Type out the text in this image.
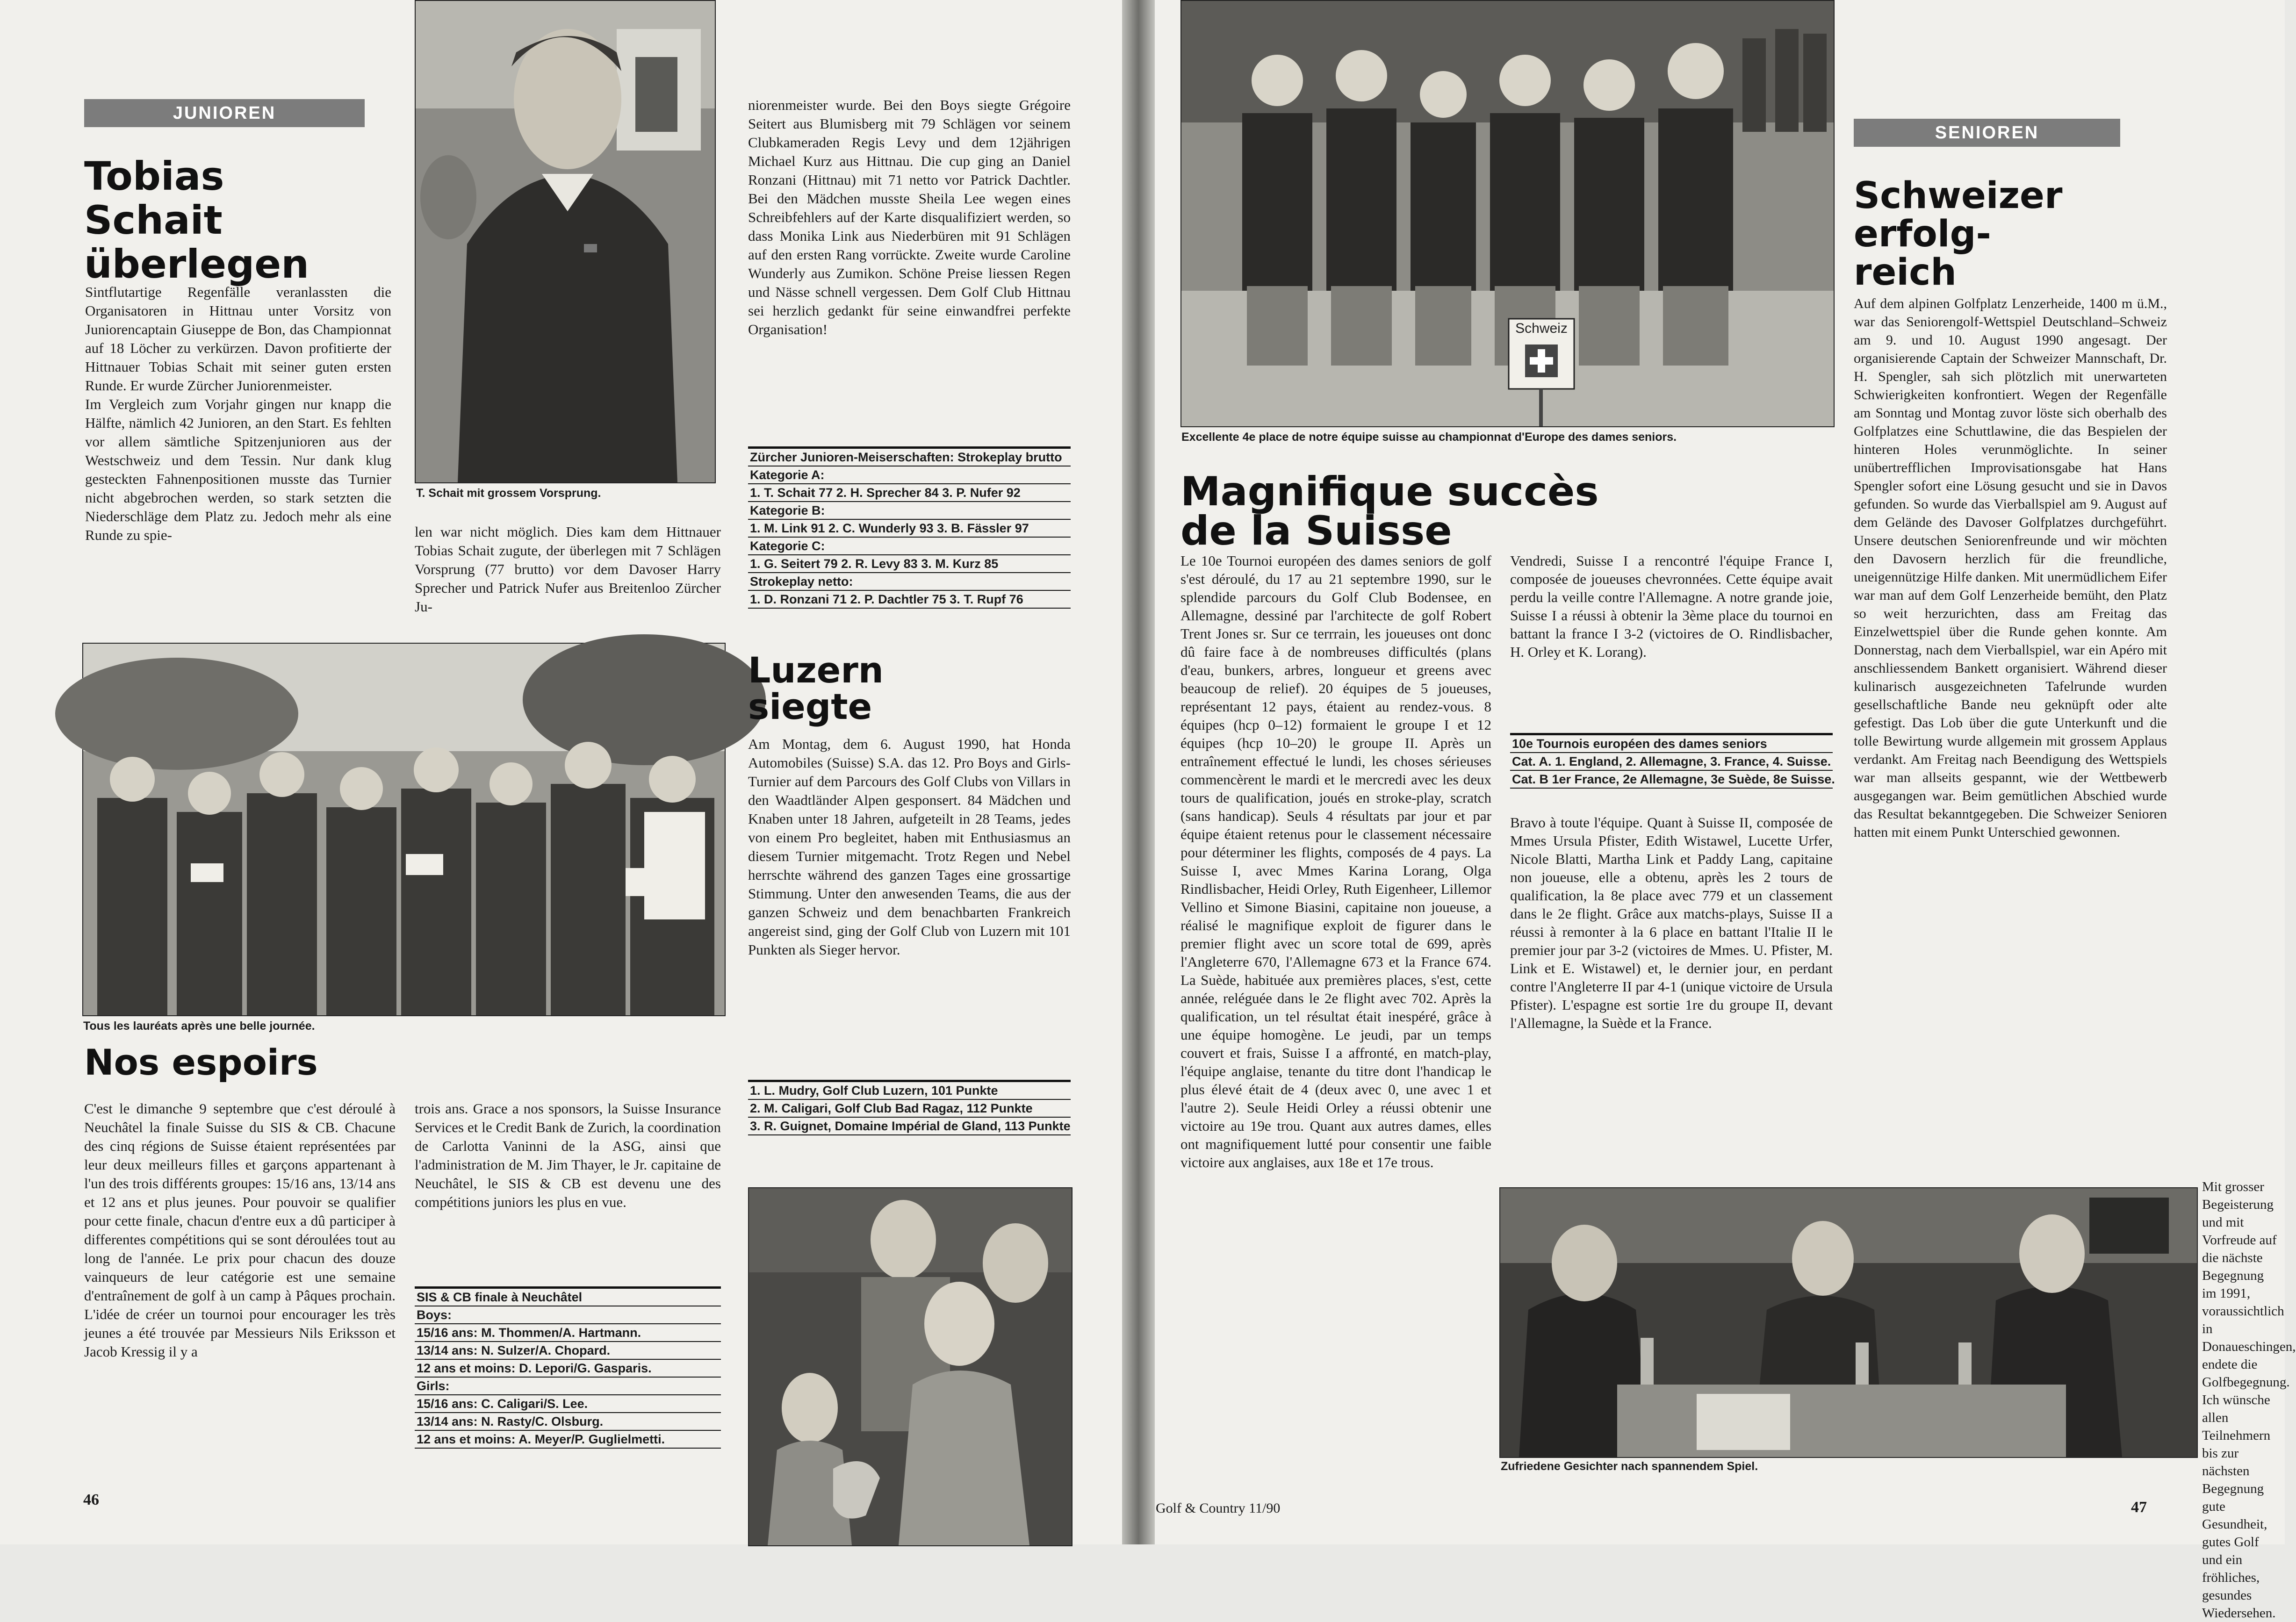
JUNIOREN
Tobias
Schait
überlegen

Sintflutartige Regenfälle veranlassten die Organisatoren in Hittnau unter Vorsitz von Juniorencaptain Giuseppe de Bon, das Championnat auf 18 Löcher zu verkürzen. Davon profitierte der Hittnauer Tobias Schait mit seiner guten ersten Runde. Er wurde Zürcher Juniorenmeister.

Im Vergleich zum Vorjahr gingen nur knapp die Hälfte, nämlich 42 Junioren, an den Start. Es fehlten vor allem sämtliche Spitzenjunioren aus der Westschweiz und dem Tessin. Nur dank klug gesteckten Fahnenpositionen musste das Turnier nicht abgebrochen werden, so stark setzten die Niederschläge dem Platz zu. Jedoch mehr als eine Runde zu spie-

T. Schait mit grossem Vorsprung.

len war nicht möglich. Dies kam dem Hittnauer Tobias Schait zugute, der überlegen mit 7 Schlägen Vorsprung (77 brutto) vor dem Davoser Harry Sprecher und Patrick Nufer aus Breitenloo Zürcher Ju-

niorenmeister wurde. Bei den Boys siegte Grégoire Seitert aus Blumisberg mit 79 Schlägen vor seinem Clubkameraden Regis Levy und dem 12jährigen Michael Kurz aus Hittnau. Die cup ging an Daniel Ronzani (Hittnau) mit 71 netto vor Patrick Dachtler. Bei den Mädchen musste Sheila Lee wegen eines Schreibfehlers auf der Karte disqualifiziert werden, so dass Monika Link aus Niederbüren mit 91 Schlägen auf den ersten Rang vorrückte. Zweite wurde Caroline Wunderly aus Zumikon. Schöne Preise liessen Regen und Nässe schnell vergessen. Dem Golf Club Hittnau sei herzlich gedankt für seine einwandfrei perfekte Organisation!

Zürcher Junioren-Meiserschaften: Strokeplay brutto
Kategorie A:
1. T. Schait 77 2. H. Sprecher 84 3. P. Nufer 92
Kategorie B:
1. M. Link 91 2. C. Wunderly 93 3. B. Fässler 97
Kategorie C:
1. G. Seitert 79 2. R. Levy 83 3. M. Kurz 85
Strokeplay netto:
1. D. Ronzani 71 2. P. Dachtler 75 3. T. Rupf 76
Tous les lauréats après une belle journée.
Nos espoirs

C'est le dimanche 9 septembre que c'est déroulé à Neuchâtel la finale Suisse du SIS & CB. Chacune des cinq régions de Suisse étaient représentées par leur deux meilleurs filles et garçons appartenant à l'un des trois différents groupes: 15/16 ans, 13/14 ans et 12 ans et plus jeunes. Pour pouvoir se qualifier pour cette finale, chacun d'entre eux a dû participer à differentes compétitions qui se sont déroulées tout au long de l'année. Le prix pour chacun des douze vainqueurs de leur catégorie est une semaine d'entraînement de golf à un camp à Pâques prochain. L'idée de créer un tournoi pour encourager les très jeunes a été trouvée par Messieurs Nils Eriksson et Jacob Kressig il y a

trois ans. Grace a nos sponsors, la Suisse Insurance Services et le Credit Bank de Zurich, la coordination de Carlotta Vaninni de la ASG, ainsi que l'administration de M. Jim Thayer, le Jr. capitaine de Neuchâtel, le SIS & CB est devenu une des compétitions juniors les plus en vue.

SIS & CB finale à Neuchâtel
Boys:
15/16 ans: M. Thommen/A. Hartmann.
13/14 ans: N. Sulzer/A. Chopard.
12 ans et moins: D. Lepori/G. Gasparis.
Girls:
15/16 ans: C. Caligari/S. Lee.
13/14 ans: N. Rasty/C. Olsburg.
12 ans et moins: A. Meyer/P. Guglielmetti.
Luzern
siegte

Am Montag, dem 6. August 1990, hat Honda Automobiles (Suisse) S.A. das 12. Pro Boys and Girls-Turnier auf dem Parcours des Golf Clubs von Villars in den Waadtländer Alpen gesponsert. 84 Mädchen und Knaben unter 18 Jahren, aufgeteilt in 28 Teams, jedes von einem Pro begleitet, haben mit Enthusiasmus an diesem Turnier mitgemacht. Trotz Regen und Nebel herrschte während des ganzen Tages eine grossartige Stimmung. Unter den anwesenden Teams, die aus der ganzen Schweiz und dem benachbarten Frankreich angereist sind, ging der Golf Club von Luzern mit 101 Punkten als Sieger hervor.

1. L. Mudry, Golf Club Luzern, 101 Punkte
2. M. Caligari, Golf Club Bad Ragaz, 112 Punkte
3. R. Guignet, Domaine Impérial de Gland, 113 Punkte
46
Schweiz
Excellente 4e place de notre équipe suisse au championnat d'Europe des dames seniors.
Magnifique succès
de la Suisse

Le 10e Tournoi européen des dames seniors de golf s'est déroulé, du 17 au 21 septembre 1990, sur le splendide parcours du Golf Club Bodensee, en Allemagne, dessiné par l'architecte de golf Robert Trent Jones sr. Sur ce terrrain, les joueuses ont donc dû faire face à de nombreuses difficultés (plans d'eau, bunkers, arbres, longueur et greens avec beaucoup de relief). 20 équipes de 5 joueuses, représentant 12 pays, étaient au rendez-vous. 8 équipes (hcp 0–12) formaient le groupe I et 12 équipes (hcp 10–20) le groupe II. Après un entraînement effectué le lundi, les choses sérieuses commencèrent le mardi et le mercredi avec les deux tours de qualification, joués en stroke-play, scratch (sans handicap). Seuls 4 résultats par jour et par équipe étaient retenus pour le classement nécessaire pour déterminer les flights, composés de 4 pays. La Suisse I, avec Mmes Karina Lorang, Olga Rindlisbacher, Heidi Orley, Ruth Eigenheer, Lillemor Vellino et Simone Biasini, capitaine non joueuse, a réalisé le magnifique exploit de figurer dans le premier flight avec un score total de 699, après l'Angleterre 670, l'Allemagne 673 et la France 674. La Suède, habituée aux premières places, s'est, cette année, reléguée dans le 2e flight avec 702. Après la qualification, un tel résultat était inespéré, grâce à une équipe homogène. Le jeudi, par un temps couvert et frais, Suisse I a affronté, en match-play, l'équipe anglaise, tenante du titre dont l'handicap le plus élevé était de 4 (deux avec 0, une avec 1 et l'autre 2). Seule Heidi Orley a réussi obtenir une victoire au 19e trou. Quant aux autres dames, elles ont magnifiquement lutté pour consentir une faible victoire aux anglaises, aux 18e et 17e trous.

Vendredi, Suisse I a rencontré l'équipe France I, composée de joueuses chevronnées. Cette équipe avait perdu la veille contre l'Allemagne. A notre grande joie, Suisse I a réussi à obtenir la 3ème place du tournoi en battant la france I 3-2 (victoires de O. Rindlisbacher, H. Orley et K. Lorang).

10e Tournois européen des dames seniors
Cat. A. 1. England, 2. Allemagne, 3. France, 4. Suisse.
Cat. B 1er France, 2e Allemagne, 3e Suède, 8e Suisse.

Bravo à toute l'équipe. Quant à Suisse II, composée de Mmes Ursula Pfister, Edith Wistawel, Lucette Urfer, Nicole Blatti, Martha Link et Paddy Lang, capitaine non joueuse, elle a obtenu, après les 2 tours de qualification, la 8e place avec 779 et un classement dans le 2e flight. Grâce aux matchs-plays, Suisse II a réussi à remonter à la 6 place en battant l'Italie II le premier jour par 3-2 (victoires de Mmes. U. Pfister, M. Link et E. Wistawel) et, le dernier jour, en perdant contre l'Angleterre II par 4-1 (unique victoire de Ursula Pfister). L'espagne est sortie 1re du groupe II, devant l'Allemagne, la Suède et la France.

Zufriedene Gesichter nach spannendem Spiel.
SENIOREN
Schweizer
erfolg-
reich

Auf dem alpinen Golfplatz Lenzerheide, 1400 m ü.M., war das Seniorengolf-Wettspiel Deutschland–Schweiz am 9. und 10. August 1990 angesagt. Der organisierende Captain der Schweizer Mannschaft, Dr. H. Spengler, sah sich plötzlich mit unerwarteten Schwierigkeiten konfrontiert. Wegen der Regenfälle am Sonntag und Montag zuvor löste sich oberhalb des Golfplatzes eine Schuttlawine, die das Bespielen der hinteren Holes verunmöglichte. In seiner unübertrefflichen Improvisationsgabe hat Hans Spengler sofort eine Lösung gesucht und sie in Davos gefunden. So wurde das Vierballspiel am 9. August auf dem Gelände des Davoser Golfplatzes durchgeführt. Unsere deutschen Seniorenfreunde und wir möchten den Davosern herzlich für die freundliche, uneigennützige Hilfe danken. Mit unermüdlichem Eifer war man auf dem Golf Lenzerheide bemüht, den Platz so weit herzurichten, dass am Freitag das Einzelwettspiel über die Runde gehen konnte. Am Donnerstag, nach dem Vierballspiel, war ein Apéro mit anschliessendem Bankett organisiert. Während dieser kulinarisch ausgezeichneten Tafelrunde wurden gesellschaftliche Bande neu geknüpft oder alte gefestigt. Das Lob über die gute Unterkunft und die tolle Bewirtung wurde allgemein mit grossem Applaus verdankt. Am Freitag nach Beendigung des Wettspiels war man allseits gespannt, wie der Wettbewerb ausgegangen war. Beim gemütlichen Abschied wurde das Resultat bekanntgegeben. Die Schweizer Senioren hatten mit einem Punkt Unterschied gewonnen.

Mit grosser Begeisterung und mit Vorfreude auf die nächste Begegnung im 1991, voraussichtlich in Donaueschingen, endete die Golfbegegnung. Ich wünsche allen Teilnehmern bis zur nächsten Begegnung gute Gesundheit, gutes Golf und ein fröhliches, gesundes Wiedersehen.

Golf & Country 11/90	47
